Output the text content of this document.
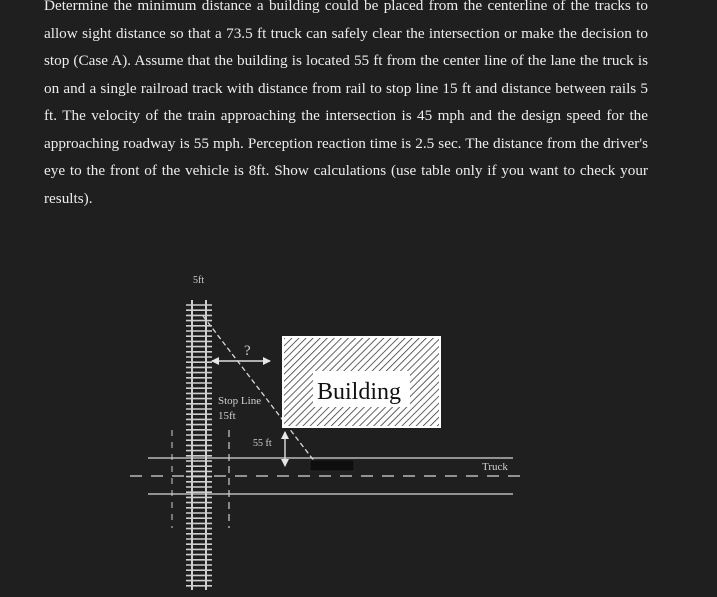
Determine the minimum distance a building could be placed from the centerline of the tracks to allow sight distance so that a 73.5 ft truck can safely clear the intersection or make the decision to stop (Case A). Assume that the building is located 55 ft from the center line of the lane the truck is on and a single railroad track with distance from rail to stop line 15 ft and distance between rails 5 ft. The velocity of the train approaching the intersection is 45 mph and the design speed for the approaching roadway is 55 mph. Perception reaction time is 2.5 sec. The distance from the driver's eye to the front of the vehicle is 8ft. Show calculations (use table only if you want to check your results).

5ft
?
Stop Line
15ft
Building
55 ft
Truck
